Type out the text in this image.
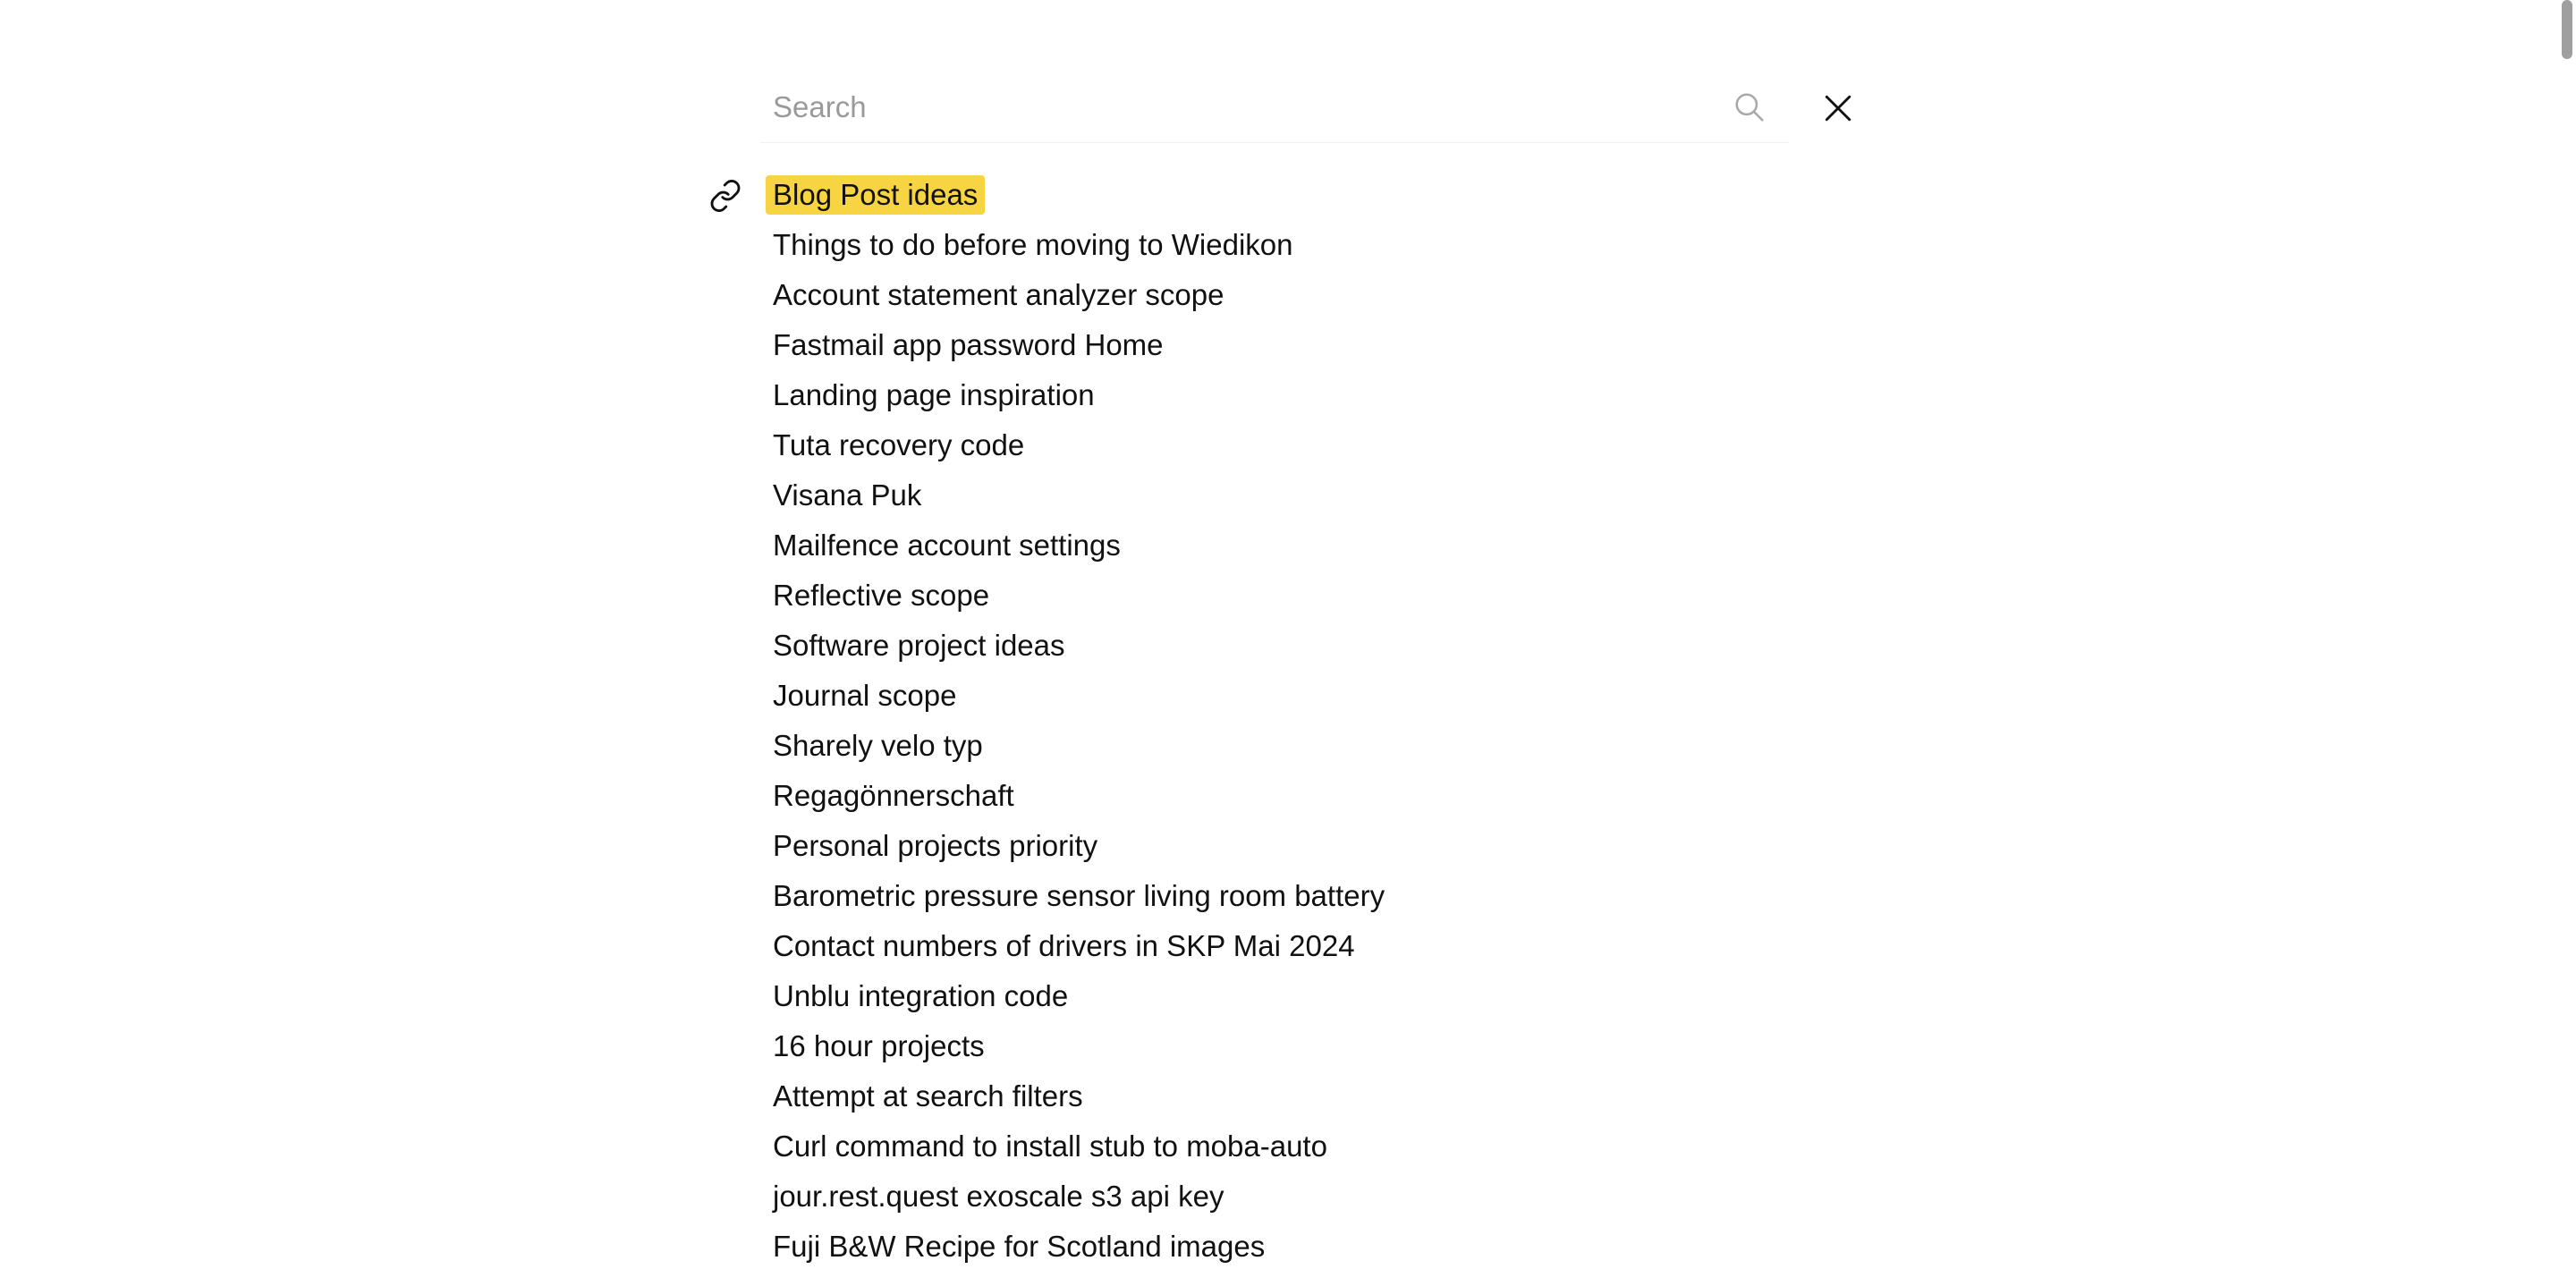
Search
Blog Post ideas
Things to do before moving to Wiedikon
Account statement analyzer scope
Fastmail app password Home
Landing page inspiration
Tuta recovery code
Visana Puk
Mailfence account settings
Reflective scope
Software project ideas
Journal scope
Sharely velo typ
Regagönnerschaft
Personal projects priority
Barometric pressure sensor living room battery
Contact numbers of drivers in SKP Mai 2024
Unblu integration code
16 hour projects
Attempt at search filters
Curl command to install stub to moba-auto
jour.rest.quest exoscale s3 api key
Fuji B&W Recipe for Scotland images
